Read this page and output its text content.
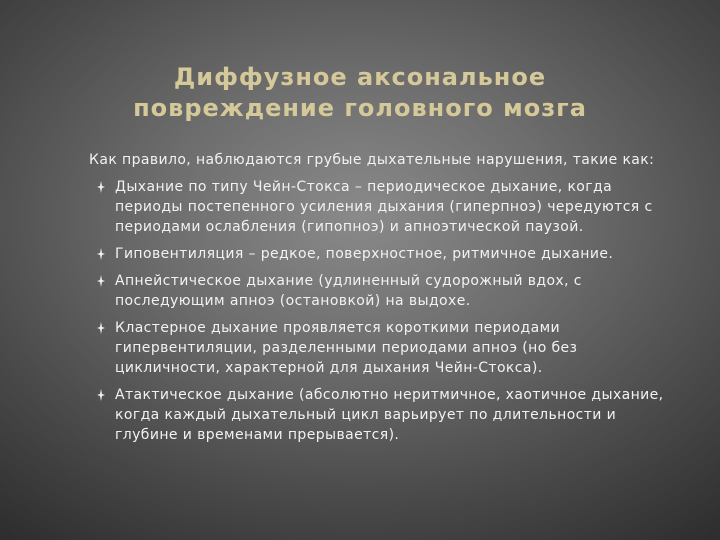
Диффузное аксональное
повреждение головного мозга

Как правило, наблюдаются грубые дыхательные нарушения, такие как:

Дыхание по типу Чейн-Стокса – периодическое дыхание, когда периоды постепенного усиления дыхания (гиперпноэ) чередуются с периодами ослабления (гипопноэ) и апноэтической паузой.
Гиповентиляция – редкое, поверхностное, ритмичное дыхание.
Апнейстическое дыхание (удлиненный судорожный вдох, с последующим апноэ (остановкой) на выдохе.
Кластерное дыхание проявляется короткими периодами гипервентиляции, разделенными периодами апноэ (но без цикличности, характерной для дыхания Чейн-Стокса).
Атактическое дыхание (абсолютно неритмичное, хаотичное дыхание, когда каждый дыхательный цикл варьирует по длительности и глубине и временами прерывается).
